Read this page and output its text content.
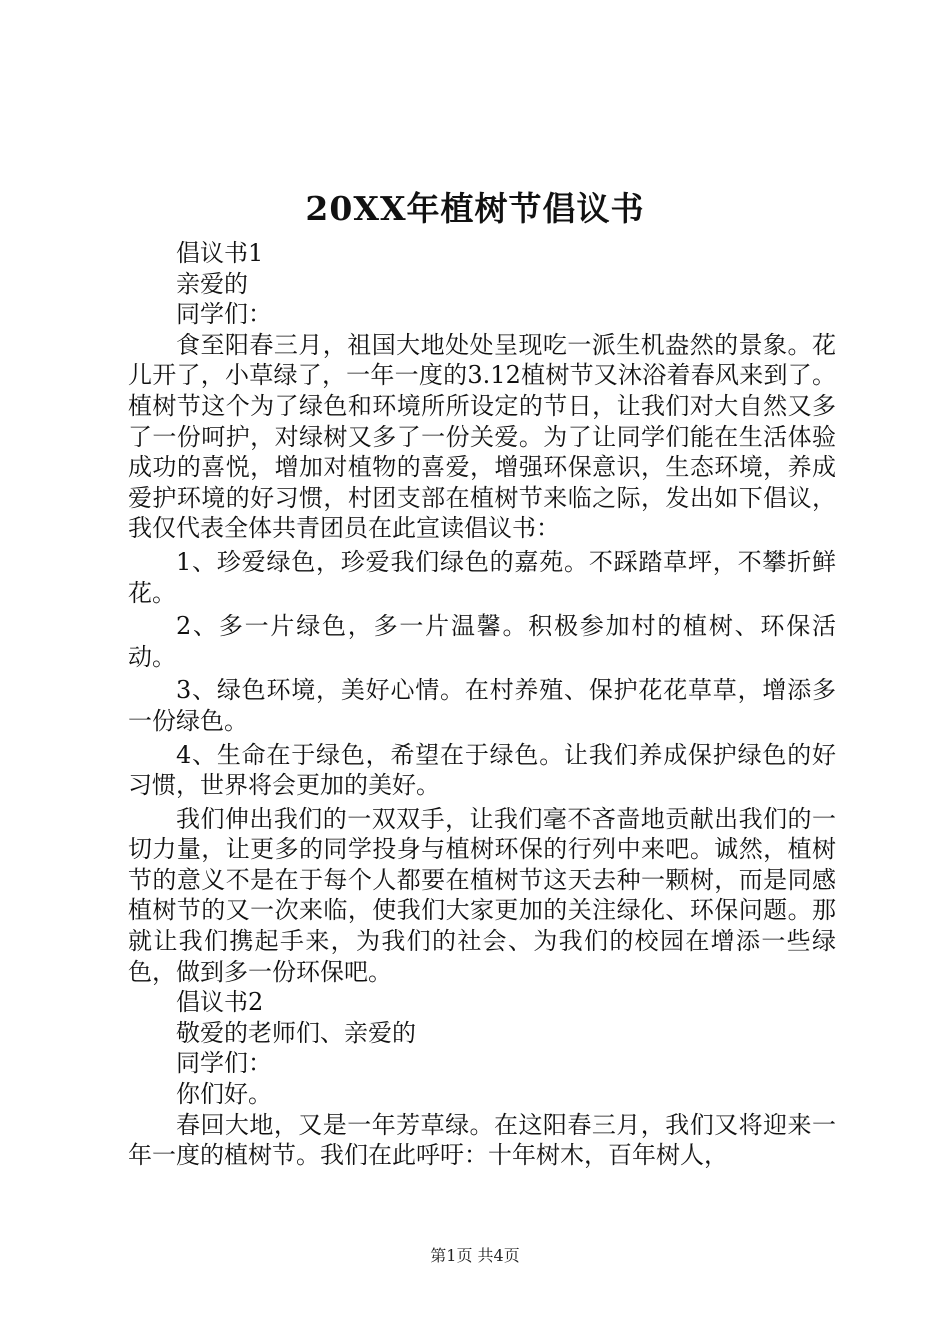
20XX年植树节倡议书

倡议书1

亲爱的

同学们：

食至阳春三月，祖国大地处处呈现吃一派生机盎然的景象。花儿开了，小草绿了，一年一度的3.12植树节又沐浴着春风来到了。植树节这个为了绿色和环境所所设定的节日，让我们对大自然又多了一份呵护，对绿树又多了一份关爱。为了让同学们能在生活体验成功的喜悦，增加对植物的喜爱，增强环保意识，生态环境，养成爱护环境的好习惯，村团支部在植树节来临之际，发出如下倡议，我仅代表全体共青团员在此宣读倡议书：

1、珍爱绿色，珍爱我们绿色的嘉苑。不踩踏草坪，不攀折鲜花。

2、多一片绿色，多一片温馨。积极参加村的植树、环保活动。

3、绿色环境，美好心情。在村养殖、保护花花草草，增添多一份绿色。

4、生命在于绿色，希望在于绿色。让我们养成保护绿色的好习惯，世界将会更加的美好。

我们伸出我们的一双双手，让我们毫不吝啬地贡献出我们的一切力量，让更多的同学投身与植树环保的行列中来吧。诚然，植树节的意义不是在于每个人都要在植树节这天去种一颗树，而是同感植树节的又一次来临，使我们大家更加的关注绿化、环保问题。那就让我们携起手来，为我们的社会、为我们的校园在增添一些绿色，做到多一份环保吧。

倡议书2

敬爱的老师们、亲爱的

同学们：

你们好。

春回大地，又是一年芳草绿。在这阳春三月，我们又将迎来一年一度的植树节。我们在此呼吁：十年树木，百年树人，

第1页 共4页
